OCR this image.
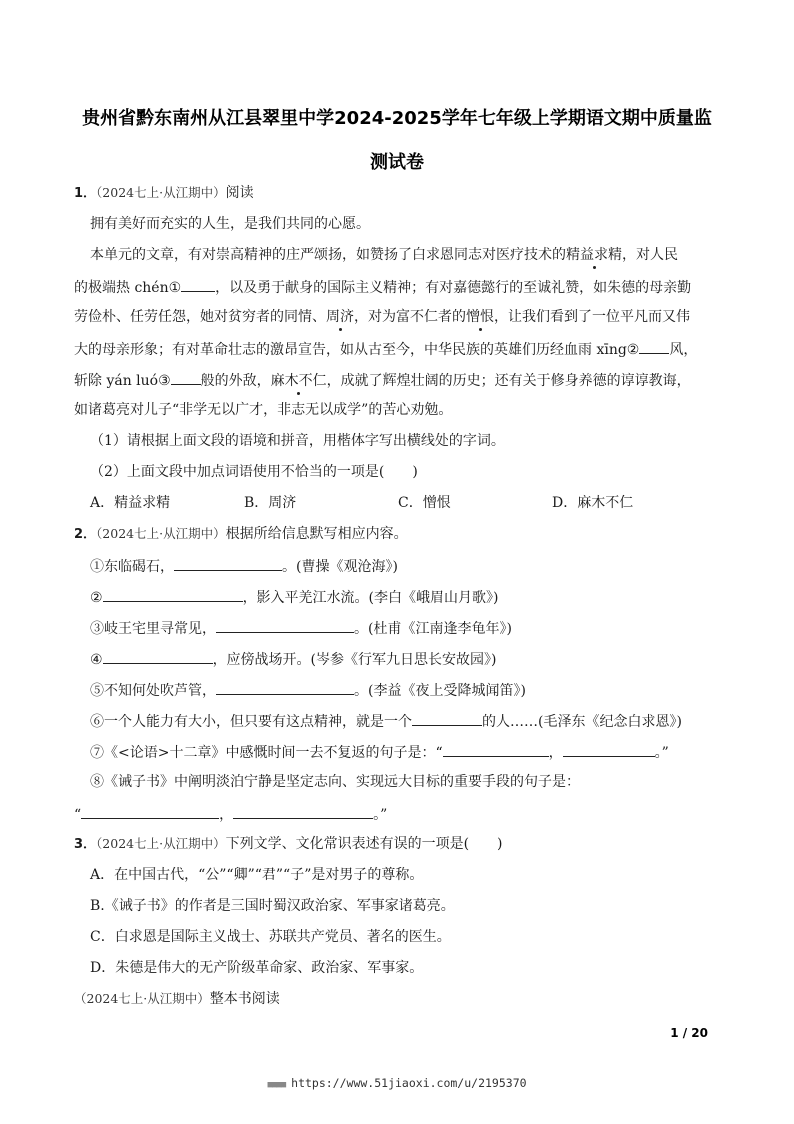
贵州省黔东南州从江县翠里中学2024-2025学年七年级上学期语文期中质量监
测试卷
1．（2024七上·从江期中）阅读
拥有美好而充实的人生，是我们共同的心愿。
本单元的文章，有对崇高精神的庄严颂扬，如赞扬了白求恩同志对医疗技术的精益求精，对人民
的极端热 chén① ，以及勇于献身的国际主义精神；有对嘉德懿行的至诚礼赞，如朱德的母亲勤
劳俭朴、任劳任怨，她对贫穷者的同情、周济，对为富不仁者的憎恨，让我们看到了一位平凡而又伟
大的母亲形象；有对革命壮志的激昂宣告，如从古至今，中华民族的英雄们历经血雨 xīng② 风，
斩除 yán luó③ 般的外敌，麻木不仁，成就了辉煌壮阔的历史；还有关于修身养德的谆谆教诲，
如诸葛亮对儿子“非学无以广才，非志无以成学”的苦心劝勉。
（1）请根据上面文段的语境和拼音，用楷体字写出横线处的字词。
（2）上面文段中加点词语使用不恰当的一项是(　　)
A．精益求精	B．周济	C．憎恨	D．麻木不仁
2．（2024七上·从江期中）根据所给信息默写相应内容。
①东临碣石，	。(曹操《观沧海》)
②	，影入平羌江水流。(李白《峨眉山月歌》)
③岐王宅里寻常见，	。(杜甫《江南逢李龟年》)
④	，应傍战场开。(岑参《行军九日思长安故园》)
⑤不知何处吹芦管，	。(李益《夜上受降城闻笛》)
⑥一个人能力有大小，但只要有这点精神，就是一个	的人……(毛泽东《纪念白求恩》)
⑦《<论语>十二章》中感慨时间一去不复返的句子是：“	，	。”
⑧《诫子书》中阐明淡泊宁静是坚定志向、实现远大目标的重要手段的句子是：
“	，	。”
3．（2024七上·从江期中）下列文学、文化常识表述有误的一项是(　　)
A．在中国古代，“公”“卿”“君”“子”是对男子的尊称。
B.《诫子书》的作者是三国时蜀汉政治家、军事家诸葛亮。
C．白求恩是国际主义战士、苏联共产党员、著名的医生。
D．朱德是伟大的无产阶级革命家、政治家、军事家。
（2024七上·从江期中）整本书阅读
1 / 20
■■■■ https://www.51jiaoxi.com/u/2195370
